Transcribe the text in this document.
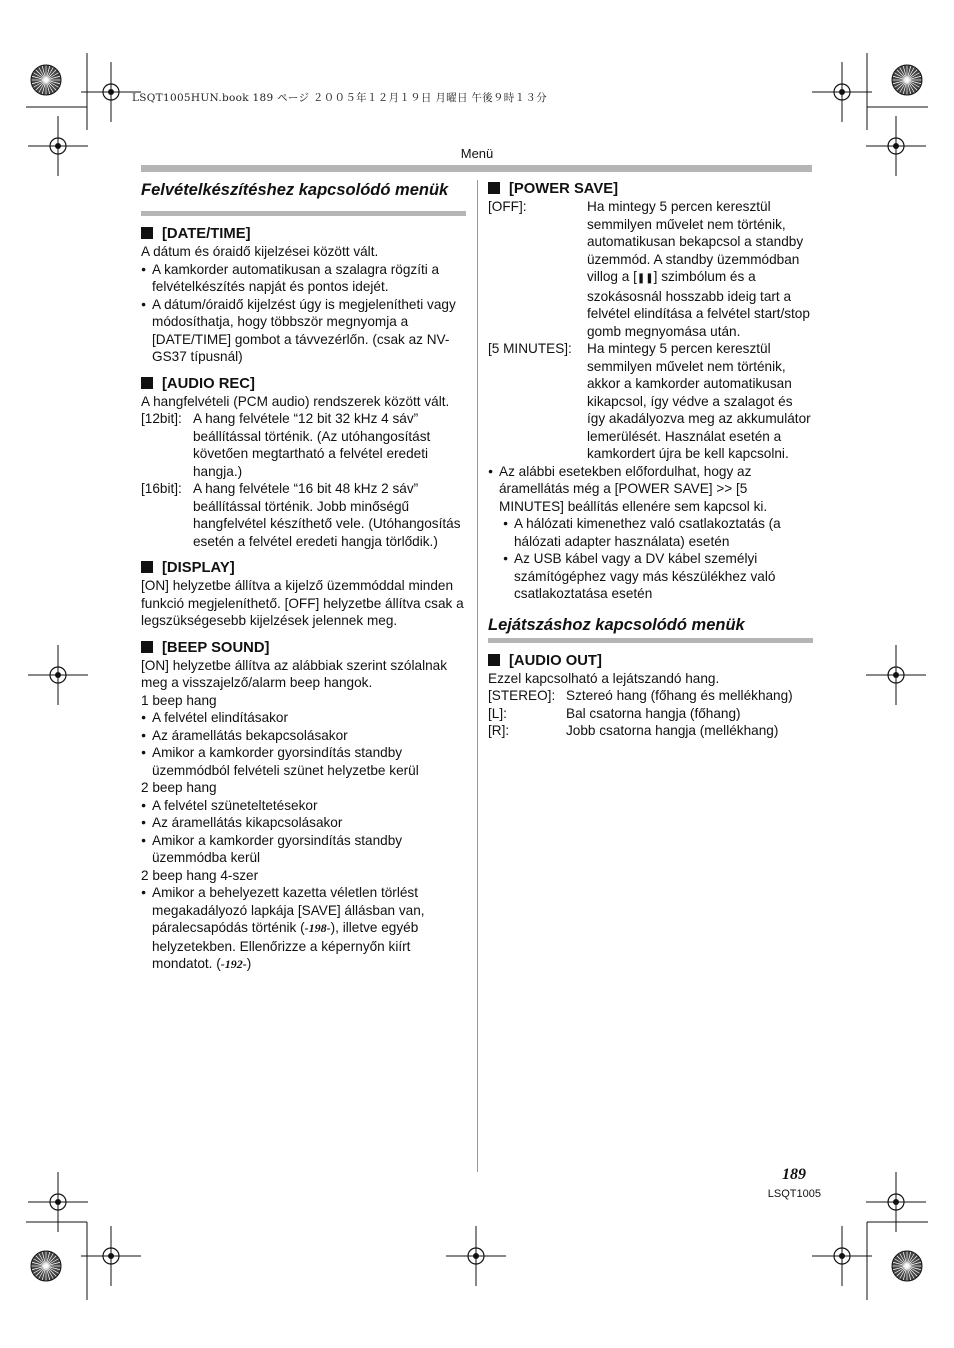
LSQT1005HUN.book 189 ページ ２００５年１２月１９日 月曜日 午後９時１３分
Menü

Felvételkészítéshez kapcsolódó menük

[DATE/TIME]

A dátum és óraidő kijelzései között vált.

● A kamkorder automatikusan a szalagra rögzíti a felvételkészítés napját és pontos idejét.

● A dátum/óraidő kijelzést úgy is megjelenítheti vagy módosíthatja, hogy többször megnyomja a [DATE/TIME] gombot a távvezérlőn. (csak az NV-GS37 típusnál)

[AUDIO REC]

A hangfelvételi (PCM audio) rendszerek között vált.

[12bit]: A hang felvétele “12 bit 32 kHz 4 sáv” beállítással történik. (Az utóhangosítást követően megtartható a felvétel eredeti hangja.)
[16bit]: A hang felvétele “16 bit 48 kHz 2 sáv” beállítással történik. Jobb minőségű hangfelvétel készíthető vele. (Utóhangosítás esetén a felvétel eredeti hangja törlődik.)

[DISPLAY]

[ON] helyzetbe állítva a kijelző üzemmóddal minden funkció megjeleníthető. [OFF] helyzetbe állítva csak a legszükségesebb kijelzések jelennek meg.

[BEEP SOUND]

[ON] helyzetbe állítva az alábbiak szerint szólalnak meg a visszajelző/alarm beep hangok.

1 beep hang

● A felvétel elindításakor

● Az áramellátás bekapcsolásakor

● Amikor a kamkorder gyorsindítás standby üzemmódból felvételi szünet helyzetbe kerül

2 beep hang

● A felvétel szüneteltetésekor

● Az áramellátás kikapcsolásakor

● Amikor a kamkorder gyorsindítás standby üzemmódba kerül

2 beep hang 4-szer

● Amikor a behelyezett kazetta véletlen törlést megakadályozó lapkája [SAVE] állásban van, páralecsapódás történik (-198-), illetve egyéb helyzetekben. Ellenőrizze a képernyőn kiírt mondatot. (-192-)

[POWER SAVE]

[OFF]:	Ha mintegy 5 percen keresztül semmilyen művelet nem történik, automatikusan bekapcsol a standby üzemmód. A standby üzemmódban villog a [❚❚] szimbólum és a szokásosnál hosszabb ideig tart a felvétel elindítása a felvétel start/stop gomb megnyomása után.
[5 MINUTES]:	Ha mintegy 5 percen keresztül semmilyen művelet nem történik, akkor a kamkorder automatikusan kikapcsol, így védve a szalagot és így akadályozva meg az akkumulátor lemerülését. Használat esetén a kamkordert újra be kell kapcsolni.

● Az alábbi esetekben előfordulhat, hogy az áramellátás még a [POWER SAVE] >> [5 MINUTES] beállítás ellenére sem kapcsol ki.

● A hálózati kimenethez való csatlakoztatás (a hálózati adapter használata) esetén

● Az USB kábel vagy a DV kábel személyi számítógéphez vagy más készülékhez való csatlakoztatása esetén

Lejátszáshoz kapcsolódó menük

[AUDIO OUT]

Ezzel kapcsolható a lejátszandó hang.

[STEREO]: Sztereó hang (főhang és mellékhang)
[L]:	Bal csatorna hangja (főhang)
[R]:	Jobb csatorna hangja (mellékhang)
189
LSQT1005
